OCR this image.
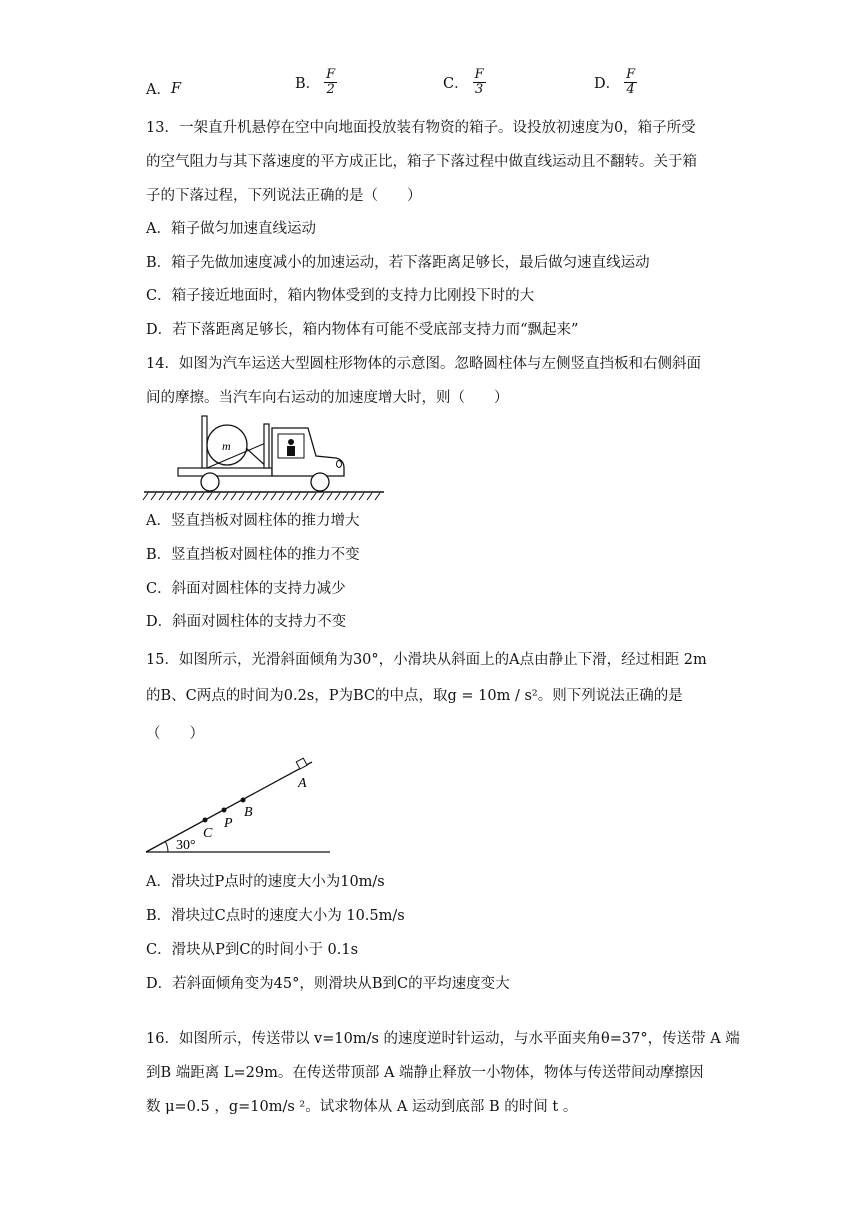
A． F	B． $\frac{F}{2}$	C． $\frac{F}{3}$	D． $\frac{F}{4}$
13．一架直升机悬停在空中向地面投放装有物资的箱子。设投放初速度为0，箱子所受
的空气阻力与其下落速度的平方成正比，箱子下落过程中做直线运动且不翻转。关于箱
子的下落过程，下列说法正确的是（　　）
A．箱子做匀加速直线运动
B．箱子先做加速度减小的加速运动，若下落距离足够长，最后做匀速直线运动
C．箱子接近地面时，箱内物体受到的支持力比刚投下时的大
D．若下落距离足够长，箱内物体有可能不受底部支持力而“飘起来”
14．如图为汽车运送大型圆柱形物体的示意图。忽略圆柱体与左侧竖直挡板和右侧斜面
间的摩擦。当汽车向右运动的加速度增大时，则（　　）
m
A．竖直挡板对圆柱体的推力增大
B．竖直挡板对圆柱体的推力不变
C．斜面对圆柱体的支持力减少
D．斜面对圆柱体的支持力不变
15．如图所示，光滑斜面倾角为30°，小滑块从斜面上的A点由静止下滑，经过相距 2m
的B、C两点的时间为0.2s，P为BC的中点，取g = 10m / s²。则下列说法正确的是
（　　）
A
30°
B
P
C
A．滑块过P点时的速度大小为10m/s
B．滑块过C点时的速度大小为 10.5m/s
C．滑块从P到C的时间小于 0.1s
D．若斜面倾角变为45°，则滑块从B到C的平均速度变大
16．如图所示，传送带以 v=10m/s 的速度逆时针运动，与水平面夹角θ=37°，传送带 A 端
到B 端距离 L=29m。在传送带顶部 A 端静止释放一小物体，物体与传送带间动摩擦因
数 μ=0.5 ，g=10m/s ²。试求物体从 A 运动到底部 B 的时间 t 。
